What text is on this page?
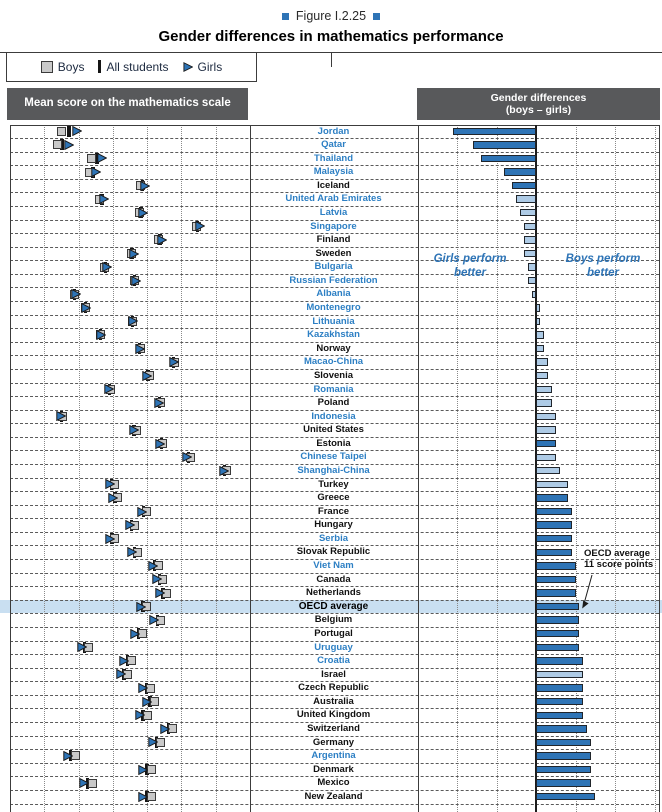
Figure I.2.25
Gender differences in mathematics performance
Boys All students Girls
Mean score on the mathematics scale	Gender differences
(boys – girls)
Jordan
Qatar
Thailand
Malaysia
Iceland
United Arab Emirates
Latvia
Singapore
Finland
Sweden
Bulgaria
Russian Federation
Albania
Montenegro
Lithuania
Kazakhstan
Norway
Macao-China
Slovenia
Romania
Poland
Indonesia
United States
Estonia
Chinese Taipei
Shanghai-China
Turkey
Greece
France
Hungary
Serbia
Slovak Republic
Viet Nam
Canada
Netherlands
OECD average
Belgium
Portugal
Uruguay
Croatia
Israel
Czech Republic
Australia
United Kingdom
Switzerland
Germany
Argentina
Denmark
Mexico
New Zealand
Girls perform
better
Boys perform
better
OECD average
11 score points
